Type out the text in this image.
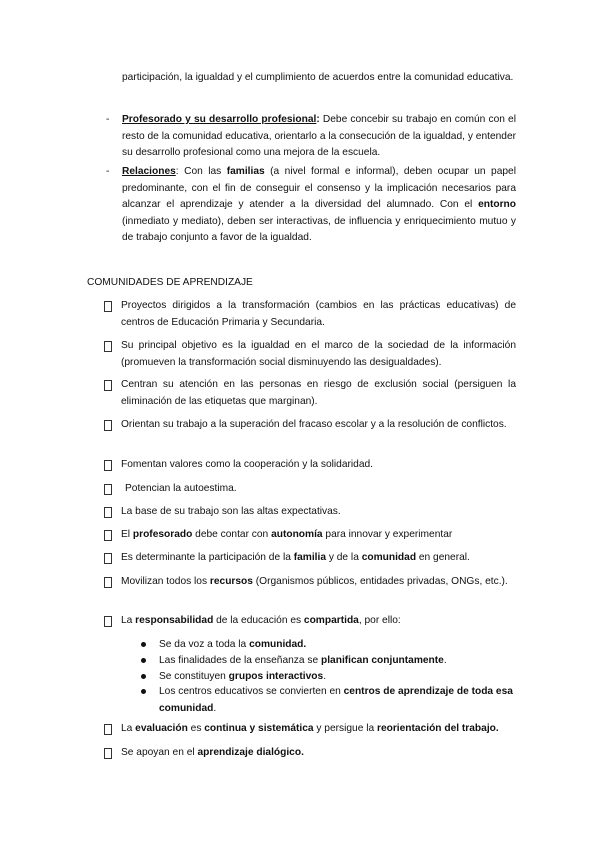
participación, la igualdad y el cumplimiento de acuerdos entre la comunidad educativa.
- Profesorado y su desarrollo profesional: Debe concebir su trabajo en común con el resto de la comunidad educativa, orientarlo a la consecución de la igualdad, y entender su desarrollo profesional como una mejora de la escuela.
- Relaciones: Con las familias (a nivel formal e informal), deben ocupar un papel predominante, con el fin de conseguir el consenso y la implicación necesarios para alcanzar el aprendizaje y atender a la diversidad del alumnado. Con el entorno (inmediato y mediato), deben ser interactivas, de influencia y enriquecimiento mutuo y de trabajo conjunto a favor de la igualdad.
COMUNIDADES DE APRENDIZAJE
Proyectos dirigidos a la transformación (cambios en las prácticas educativas) de centros de Educación Primaria y Secundaria.
Su principal objetivo es la igualdad en el marco de la sociedad de la información (promueven la transformación social disminuyendo las desigualdades).
Centran su atención en las personas en riesgo de exclusión social (persiguen la eliminación de las etiquetas que marginan).
Orientan su trabajo a la superación del fracaso escolar y a la resolución de conflictos.
Fomentan valores como la cooperación y la solidaridad.
Potencian la autoestima.
La base de su trabajo son las altas expectativas.
El profesorado debe contar con autonomía para innovar y experimentar
Es determinante la participación de la familia y de la comunidad en general.
Movilizan todos los recursos (Organismos públicos, entidades privadas, ONGs, etc.).
La responsabilidad de la educación es compartida, por ello:
La evaluación es continua y sistemática y persigue la reorientación del trabajo.
Se apoyan en el aprendizaje dialógico.
Se da voz a toda la comunidad.
Las finalidades de la enseñanza se planifican conjuntamente.
Se constituyen grupos interactivos.
Los centros educativos se convierten en centros de aprendizaje de toda esa comunidad.
